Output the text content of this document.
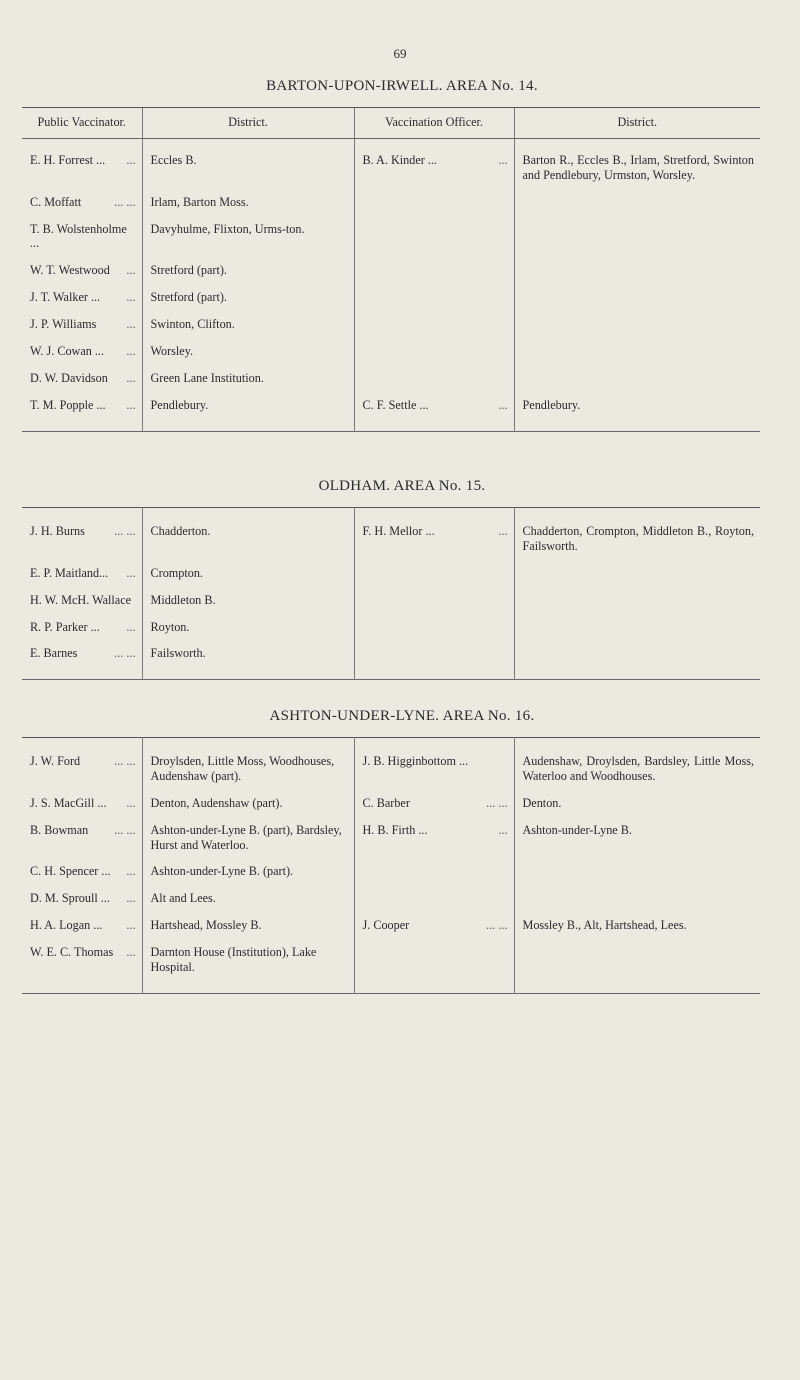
69
BARTON-UPON-IRWELL. AREA No. 14.
Public Vaccinator.	District.	Vaccination Officer.	District.

E. H. Forrest ... ...	Eccles B.	B. A. Kinder ... ...	Barton R., Eccles B., Irlam, Stretford, Swinton and Pendlebury, Urmston, Worsley.

C. Moffatt ... ...	Irlam, Barton Moss.	

T. B. Wolstenholme ...	Davyhulme, Flixton, Urms-ton.	

W. T. Westwood ...	Stretford (part).	

J. T. Walker ... ...	Stretford (part).	

J. P. Williams ...	Swinton, Clifton.	

W. J. Cowan ... ...	Worsley.	

D. W. Davidson ...	Green Lane Institution.	

T. M. Popple ... ...	Pendlebury.	C. F. Settle ... ...	Pendlebury.
OLDHAM. AREA No. 15.
J. H. Burns ... ...	Chadderton.	F. H. Mellor ... ...	Chadderton, Crompton, Middleton B., Royton, Failsworth.

E. P. Maitland... ...	Crompton.	

H. W. McH. Wallace	Middleton B.	

R. P. Parker ... ...	Royton.	

E. Barnes ... ...	Failsworth.	

ASHTON-UNDER-LYNE. AREA No. 16.
J. W. Ford ... ...	Droylsden, Little Moss, Woodhouses, Audenshaw (part).	J. B. Higginbottom ...	Audenshaw, Droylsden, Bardsley, Little Moss, Waterloo and Woodhouses.

J. S. MacGill ... ...	Denton, Audenshaw (part).	C. Barber ... ...	Denton.

B. Bowman ... ...	Ashton-under-Lyne B. (part), Bardsley, Hurst and Waterloo.	H. B. Firth ... ...	Ashton-under-Lyne B.

C. H. Spencer ... ...	Ashton-under-Lyne B. (part).	

D. M. Sproull ... ...	Alt and Lees.	

H. A. Logan ... ...	Hartshead, Mossley B.	J. Cooper ... ...	Mossley B., Alt, Hartshead, Lees.

W. E. C. Thomas ...	Darnton House (Institution), Lake Hospital.	
